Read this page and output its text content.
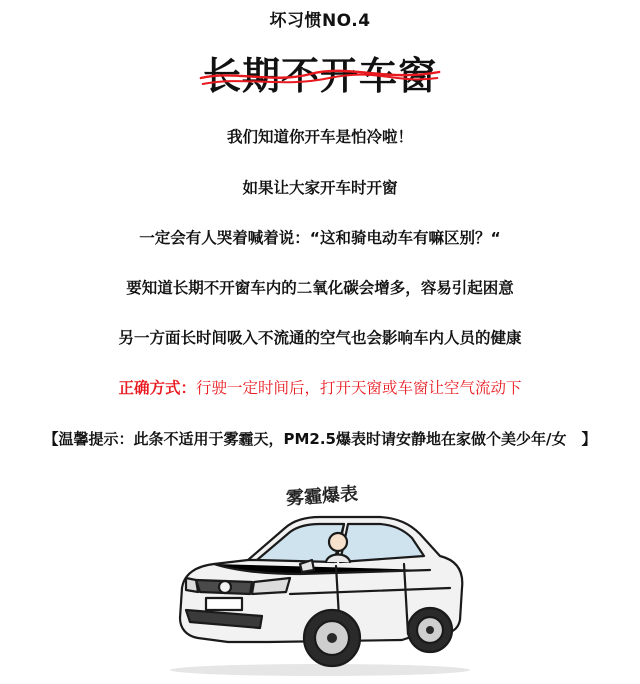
坏习惯NO.4
长期不开车窗
我们知道你开车是怕冷啦！
如果让大家开车时开窗
一定会有人哭着喊着说：“这和骑电动车有嘛区别？“
要知道长期不开窗车内的二氧化碳会增多，容易引起困意
另一方面长时间吸入不流通的空气也会影响车内人员的健康
正确方式：行驶一定时间后，打开天窗或车窗让空气流动下
【温馨提示：此条不适用于雾霾天，PM2.5爆表时请安静地在家做个美少年/女　】
雾霾爆表
